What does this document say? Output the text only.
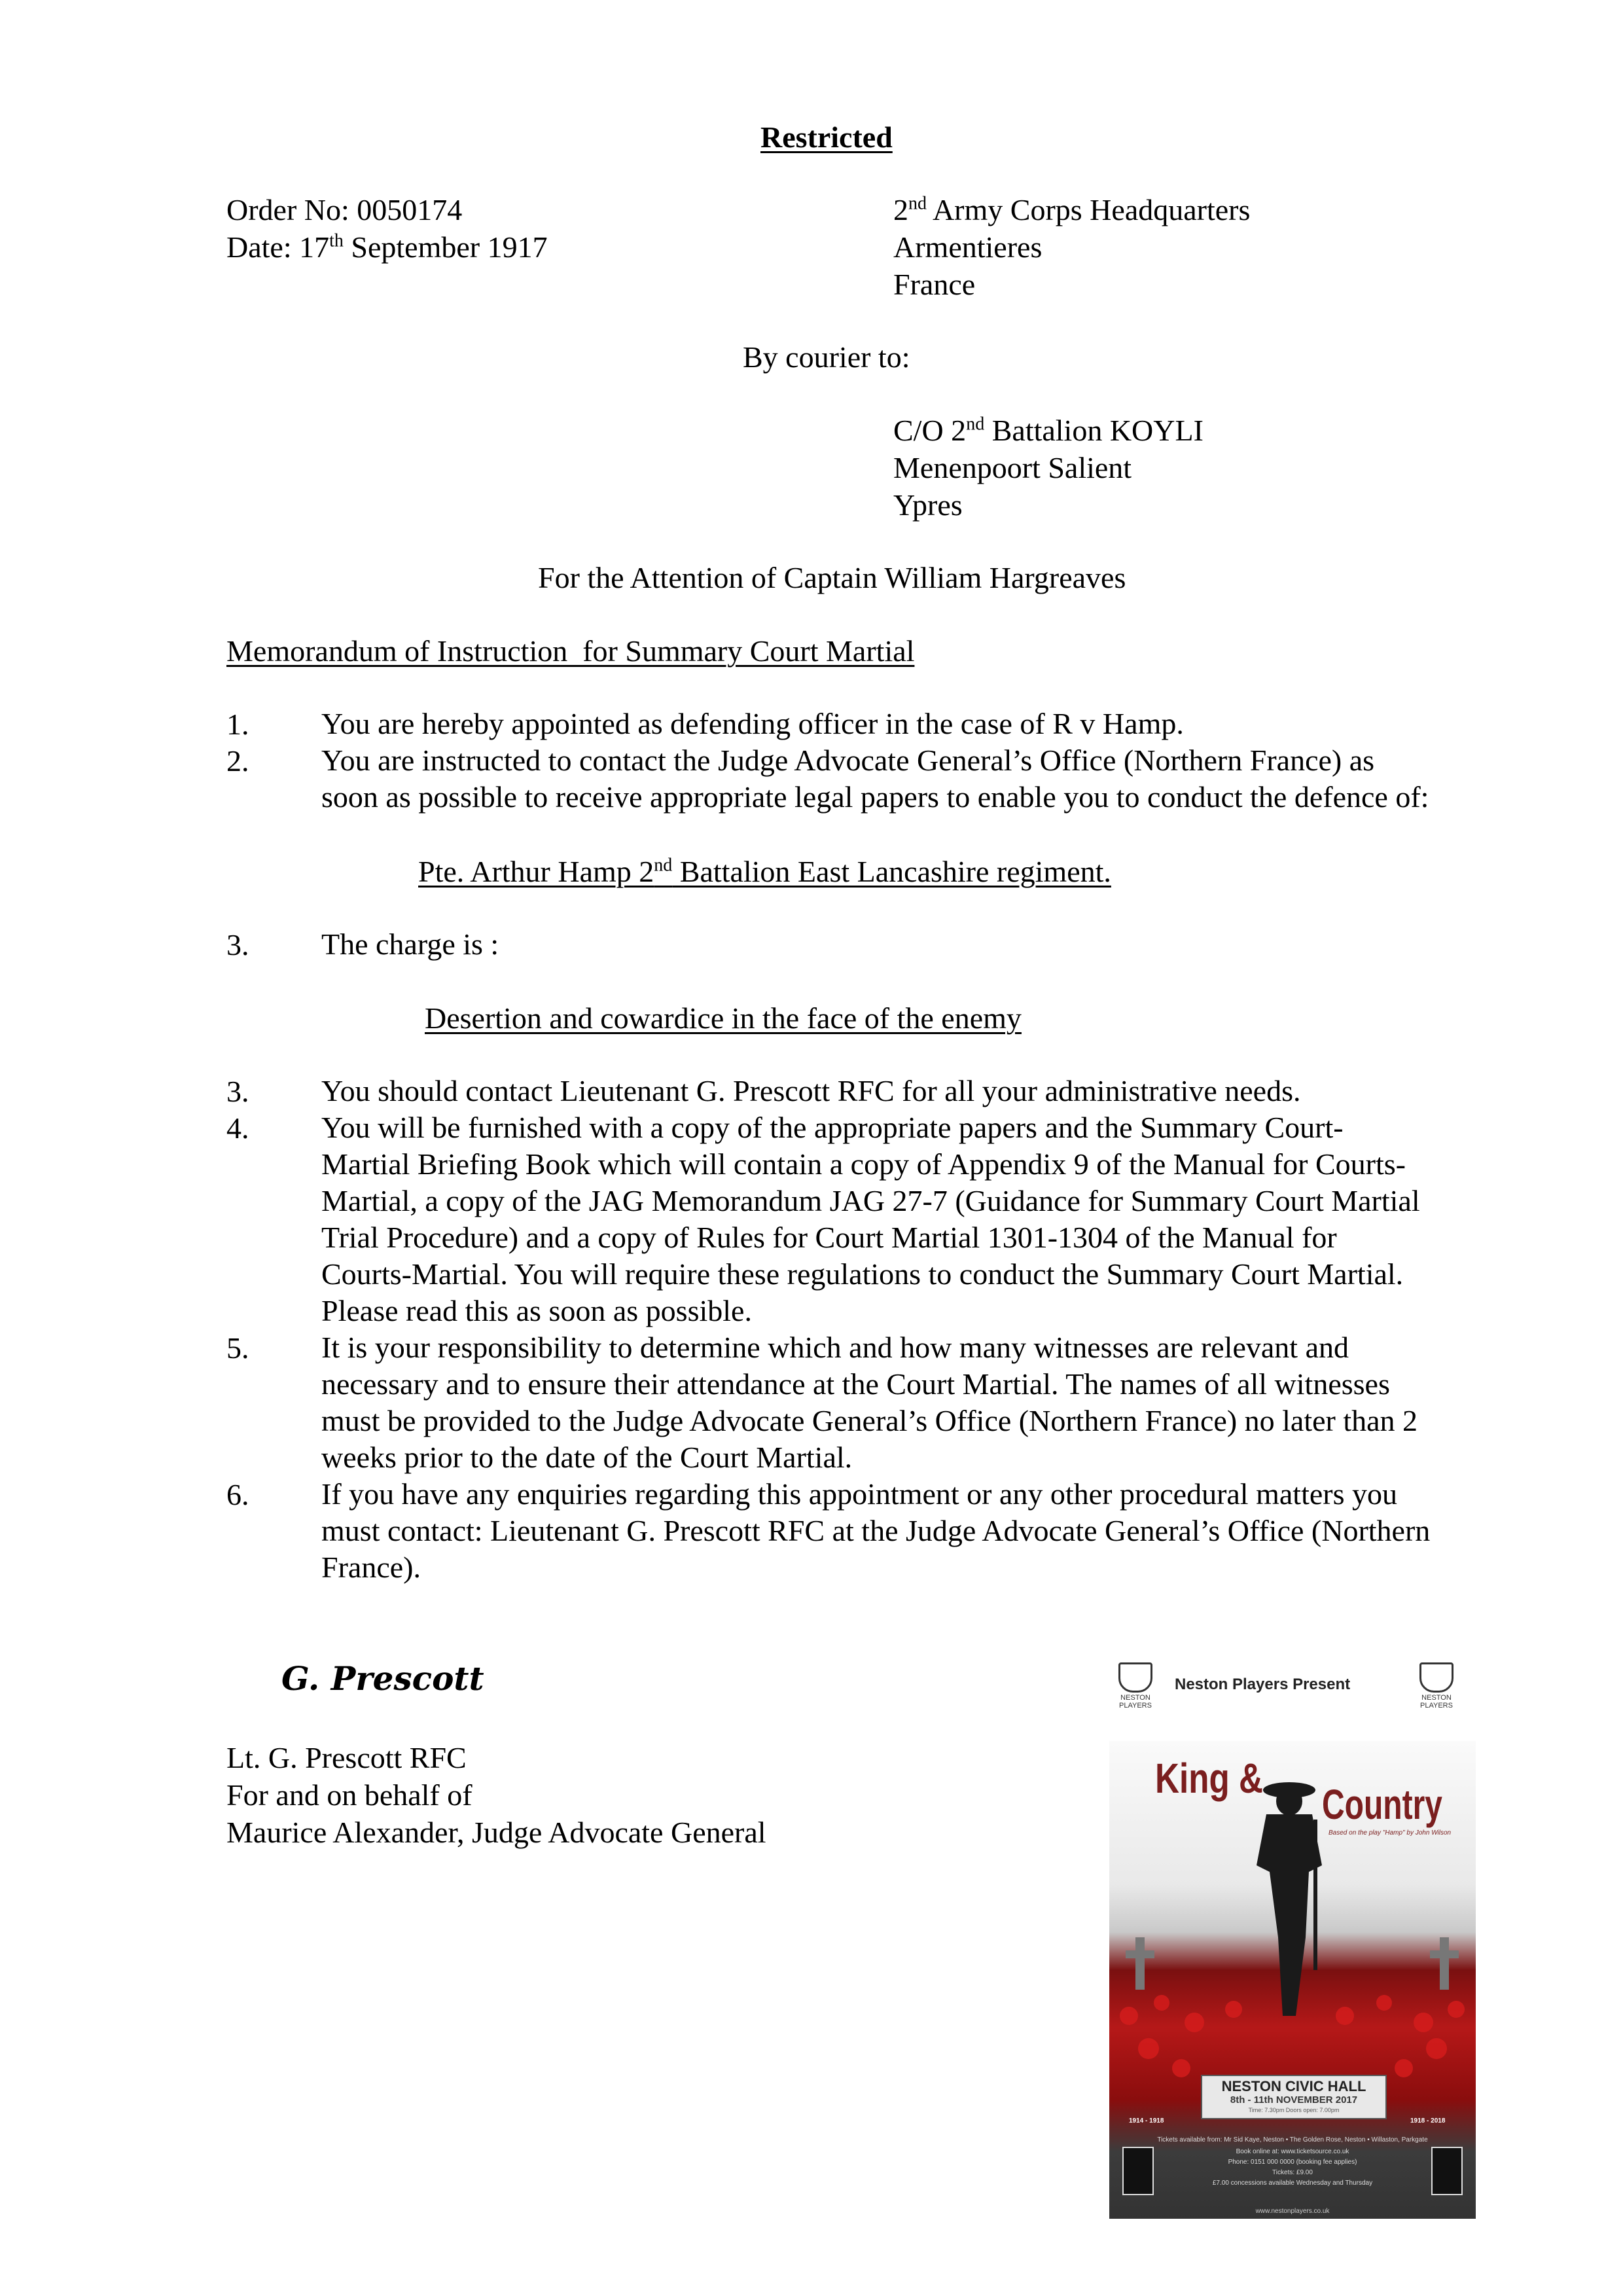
Restricted
Order No: 0050174
Date: 17th September 1917
2nd Army Corps Headquarters
Armentieres
France
By courier to:
C/O 2nd Battalion KOYLI
Menenpoort Salient
Ypres
For the Attention of Captain William Hargreaves
Memorandum of Instruction  for Summary Court Martial
1. You are hereby appointed as defending officer in the case of R v Hamp.
2. You are instructed to contact the Judge Advocate General’s Office (Northern France) as soon as possible to receive appropriate legal papers to enable you to conduct the defence of:
Pte. Arthur Hamp 2nd Battalion East Lancashire regiment.
3. The charge is :
Desertion and cowardice in the face of the enemy
3. You should contact Lieutenant G. Prescott RFC for all your administrative needs.
4. You will be furnished with a copy of the appropriate papers and the Summary Court- Martial Briefing Book which will contain a copy of Appendix 9 of the Manual for Courts-Martial, a copy of the JAG Memorandum JAG 27-7 (Guidance for Summary Court Martial Trial Procedure) and a copy of Rules for Court Martial 1301-1304 of the Manual for Courts-Martial. You will require these regulations to conduct the Summary Court Martial. Please read this as soon as possible.
5. It is your responsibility to determine which and how many witnesses are relevant and necessary and to ensure their attendance at the Court Martial. The names of all witnesses must be provided to the Judge Advocate General’s Office (Northern France) no later than 2 weeks prior to the date of the Court Martial.
6. If you have any enquiries regarding this appointment or any other procedural matters you must contact: Lieutenant G. Prescott RFC at the Judge Advocate General’s Office (Northern France).
G. Prescott
Lt. G. Prescott RFC
For and on behalf of
Maurice Alexander, Judge Advocate General
NESTON
PLAYERS
Neston Players Present
NESTON
PLAYERS
King &
Country
Based on the play "Hamp" by John Wilson
1914 - 1918	1918 - 2018
NESTON CIVIC HALL
8th - 11th NOVEMBER 2017
Time: 7.30pm Doors open: 7.00pm
Tickets available from: Mr Sid Kaye, Neston • The Golden Rose, Neston • Willaston, Parkgate
Book online at: www.ticketsource.co.uk
Phone: 0151 000 0000 (booking fee applies)
Tickets: £9.00
£7.00 concessions available Wednesday and Thursday
www.nestonplayers.co.uk
